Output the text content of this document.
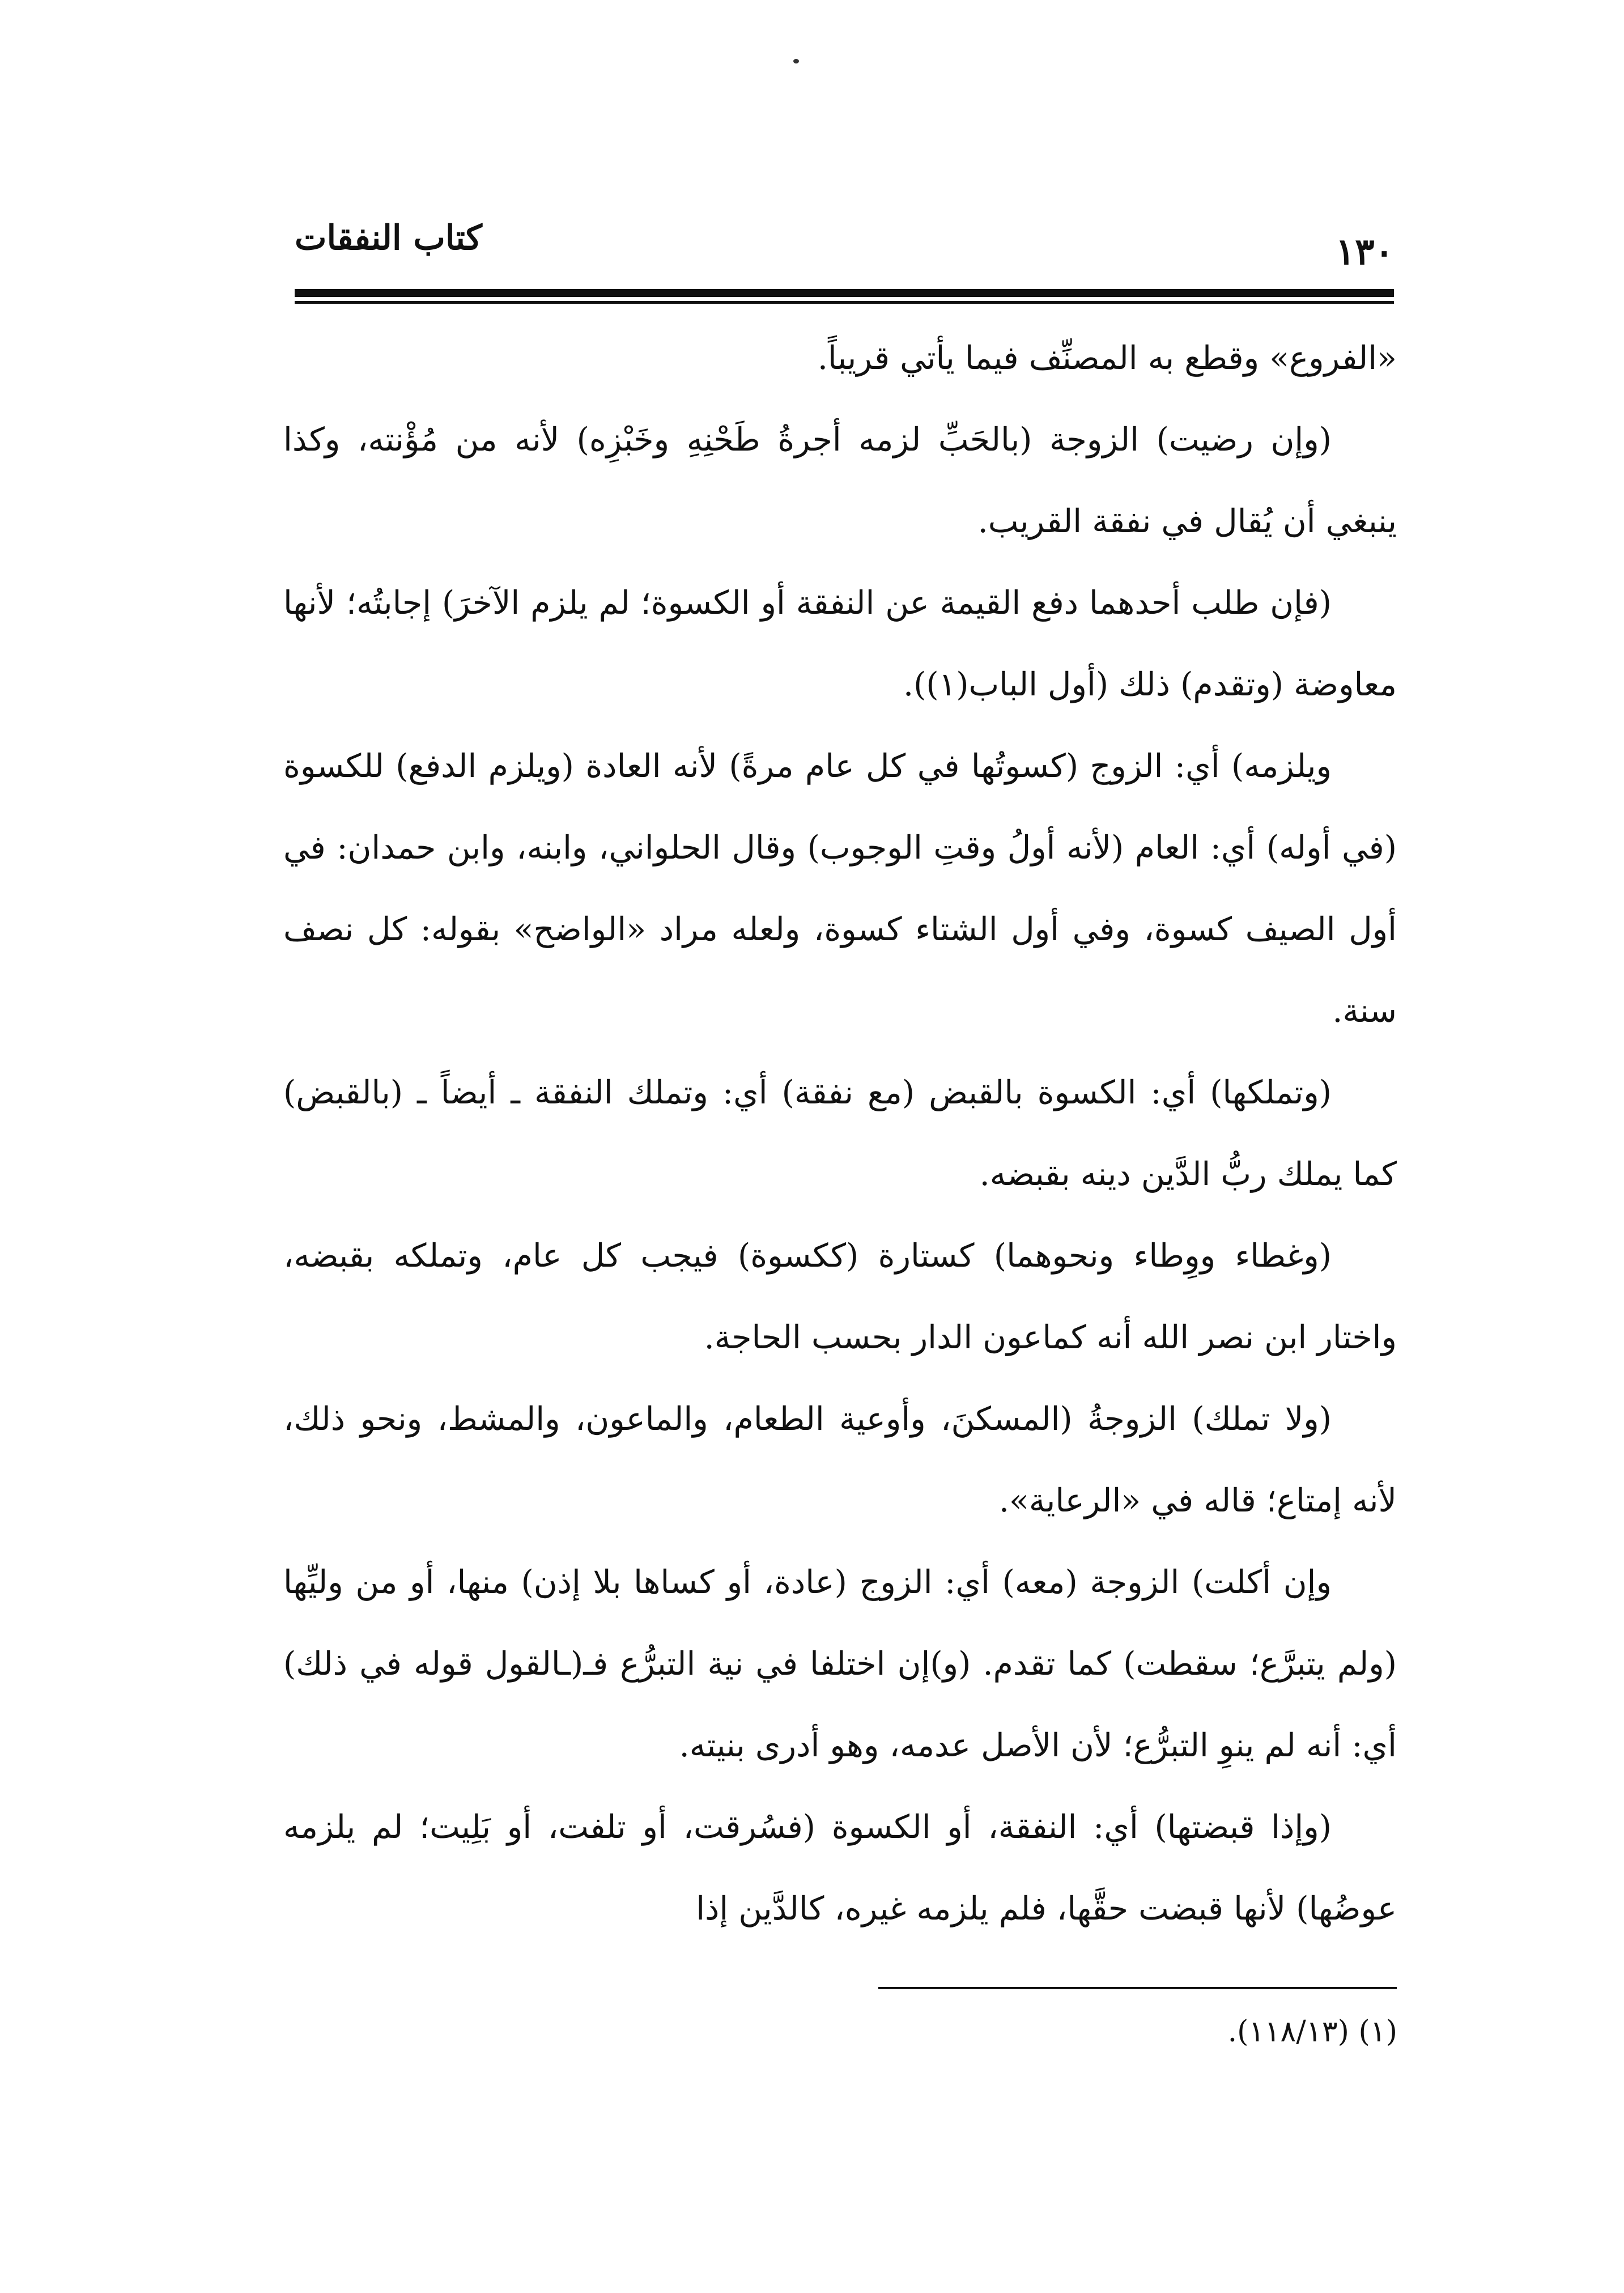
كتاب النفقات	١٣٠

«الفروع» وقطع به المصنِّف فيما يأتي قريباً.

(وإن رضيت) الزوجة (بالحَبِّ لزمه أجرةُ طَحْنِهِ وخَبْزِه) لأنه من مُؤْنته، وكذا ينبغي أن يُقال في نفقة القريب.

(فإن طلب أحدهما دفع القيمة عن النفقة أو الكسوة؛ لم يلزم الآخرَ) إجابتُه؛ لأنها معاوضة (وتقدم) ذلك (أول الباب(١)).

ويلزمه) أي: الزوج (كسوتُها في كل عام مرةً) لأنه العادة (ويلزم الدفع) للكسوة (في أوله) أي: العام (لأنه أولُ وقتِ الوجوب) وقال الحلواني، وابنه، وابن حمدان: في أول الصيف كسوة، وفي أول الشتاء كسوة، ولعله مراد «الواضح» بقوله: كل نصف سنة.

(وتملكها) أي: الكسوة بالقبض (مع نفقة) أي: وتملك النفقة ـ أيضاً ـ (بالقبض) كما يملك ربُّ الدَّين دينه بقبضه.

(وغطاء ووِطاء ونحوهما) كستارة (ككسوة) فيجب كل عام، وتملكه بقبضه، واختار ابن نصر الله أنه كماعون الدار بحسب الحاجة.

(ولا تملك) الزوجةُ (المسكنَ، وأوعية الطعام، والماعون، والمشط، ونحو ذلك، لأنه إمتاع؛ قاله في «الرعاية».

وإن أكلت) الزوجة (معه) أي: الزوج (عادة، أو كساها بلا إذن) منها، أو من وليِّها (ولم يتبرَّع؛ سقطت) كما تقدم. (و)إن اختلفا في نية التبرُّع فـ(ـالقول قوله في ذلك) أي: أنه لم ينوِ التبرُّع؛ لأن الأصل عدمه، وهو أدرى بنيته.

(وإذا قبضتها) أي: النفقة، أو الكسوة (فسُرقت، أو تلفت، أو بَلِيت؛ لم يلزمه عوضُها) لأنها قبضت حقَّها، فلم يلزمه غيره، كالدَّين إذا

(١) (١١٨/١٣).
